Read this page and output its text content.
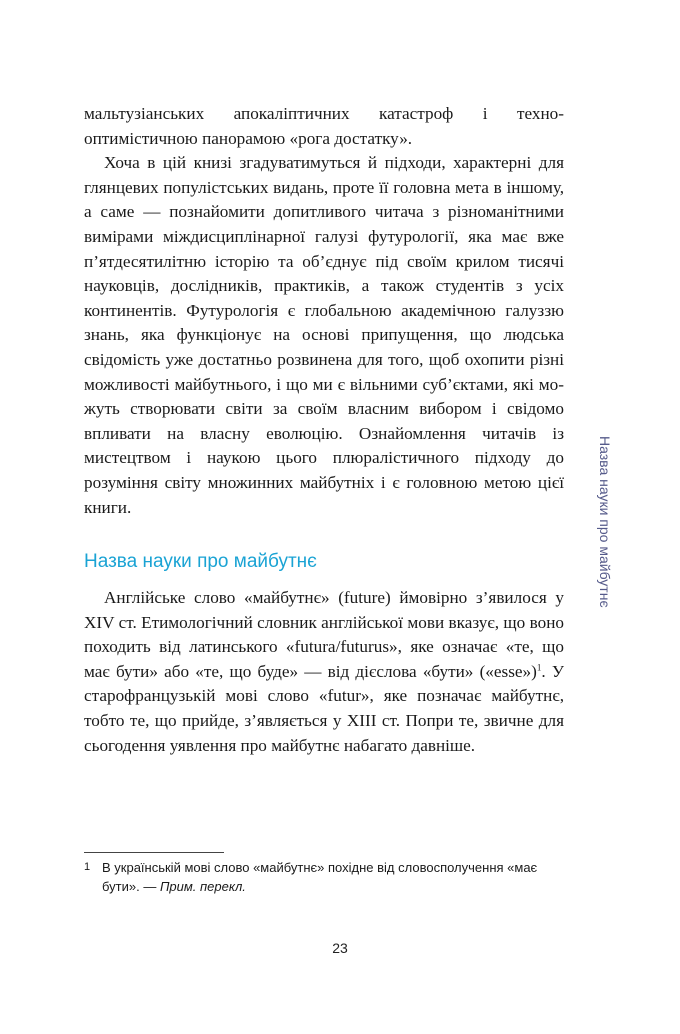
Назва науки про майбутнє

мальтузіанських апокаліптичних катастроф і технооптимістичною панорамою «рога достатку».

Хоча в цій книзі згадуватимуться й підходи, характерні для глянцевих популістських видань, проте її головна мета в іншому, а саме — познайомити допитливого читача з різноманітними вимірами міждисциплінарної галузі футурології, яка має вже п’ятдесятилітню історію та об’єднує під своїм крилом тисячі науковців, дослідників, практиків, а також студентів з усіх континентів. Футурологія є глобальною академічною галуззю знань, яка функціонує на основі припущення, що людська свідомість уже достатньо розвинена для того, щоб охопити різні можливості майбутнього, і що ми є вільними суб’єктами, які можуть створювати світи за своїм власним вибором і свідомо впливати на власну еволюцію. Ознайомлення читачів із мистецтвом і наукою цього плюралістичного підходу до розуміння світу множинних майбутніх і є головною метою цієї книги.

Назва науки про майбутнє

Англійське слово «майбутнє» (future) ймовірно з’явилося у XIV ст. Етимологічний словник англійської мови вказує, що воно походить від латинського «futura/futurus», яке означає «те, що має бути» або «те, що буде» — від дієслова «бути» («esse»)$^1$. У старофранцузькій мові слово «futur», яке позначає майбутнє, тобто те, що прийде, з’являється у XIII ст. Попри те, звичне для сьогодення уявлення про майбутнє набагато давніше.

1 В українській мові слово «майбутнє» похідне від словосполучення «має бути». — Прим. перекл.
23
